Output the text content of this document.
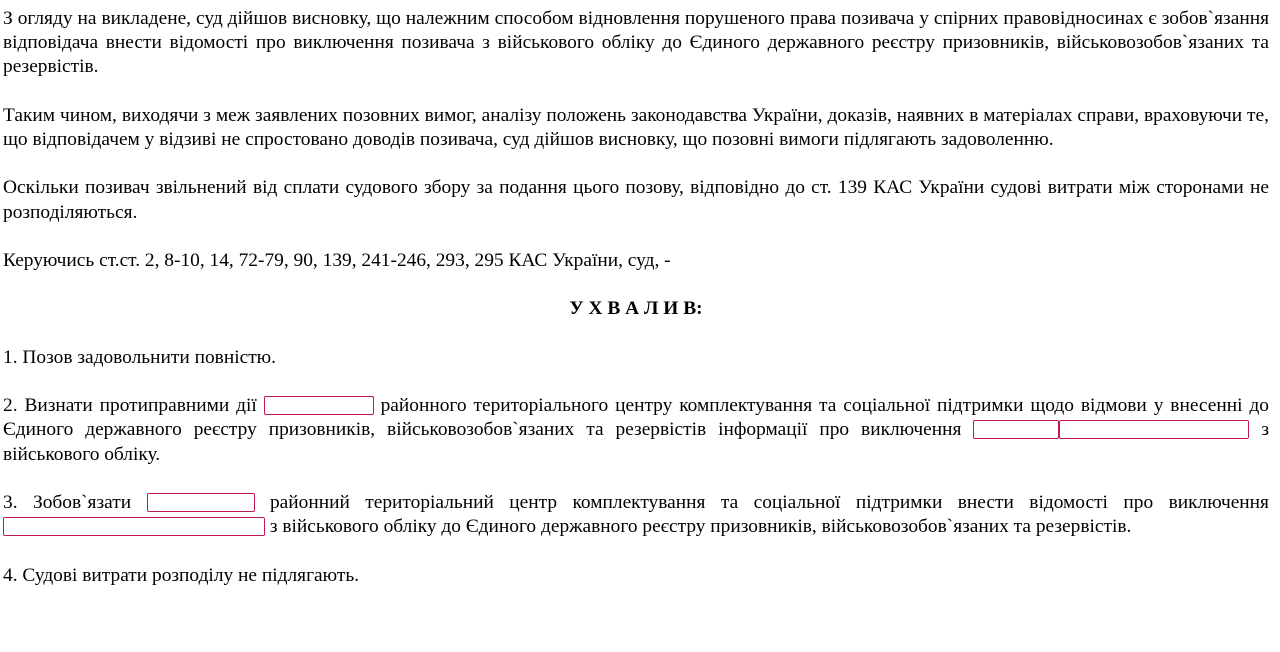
З огляду на викладене, суд дійшов висновку, що належним способом відновлення порушеного права позивача у спірних правовідносинах є зобов`язання відповідача внести відомості про виключення позивача з військового обліку до Єдиного державного реєстру призовників, військовозобов`язаних та резервістів.

Таким чином, виходячи з меж заявлених позовних вимог, аналізу положень законодавства України, доказів, наявних в матеріалах справи, враховуючи те, що відповідачем у відзиві не спростовано доводів позивача, суд дійшов висновку, що позовні вимоги підлягають задоволенню.

Оскільки позивач звільнений від сплати судового збору за подання цього позову, відповідно до ст. 139 КАС України судові витрати між сторонами не розподіляються.

Керуючись ст.ст. 2, 8-10, 14, 72-79, 90, 139, 241-246, 293, 295 КАС України, суд, -

У Х В А Л И В:

1. Позов задовольнити повністю.

2. Визнати протиправними дії	районного територіального центру комплектування та соціальної підтримки щодо відмови у внесенні до Єдиного державного реєстру призовників, військовозобов`язаних та резервістів інформації про виключення	з військового обліку.

3. Зобов`язати	районний територіальний центр комплектування та соціальної підтримки внести відомості про виключення  з військового обліку до Єдиного державного реєстру призовників, військовозобов`язаних та резервістів.

4. Судові витрати розподілу не підлягають.
